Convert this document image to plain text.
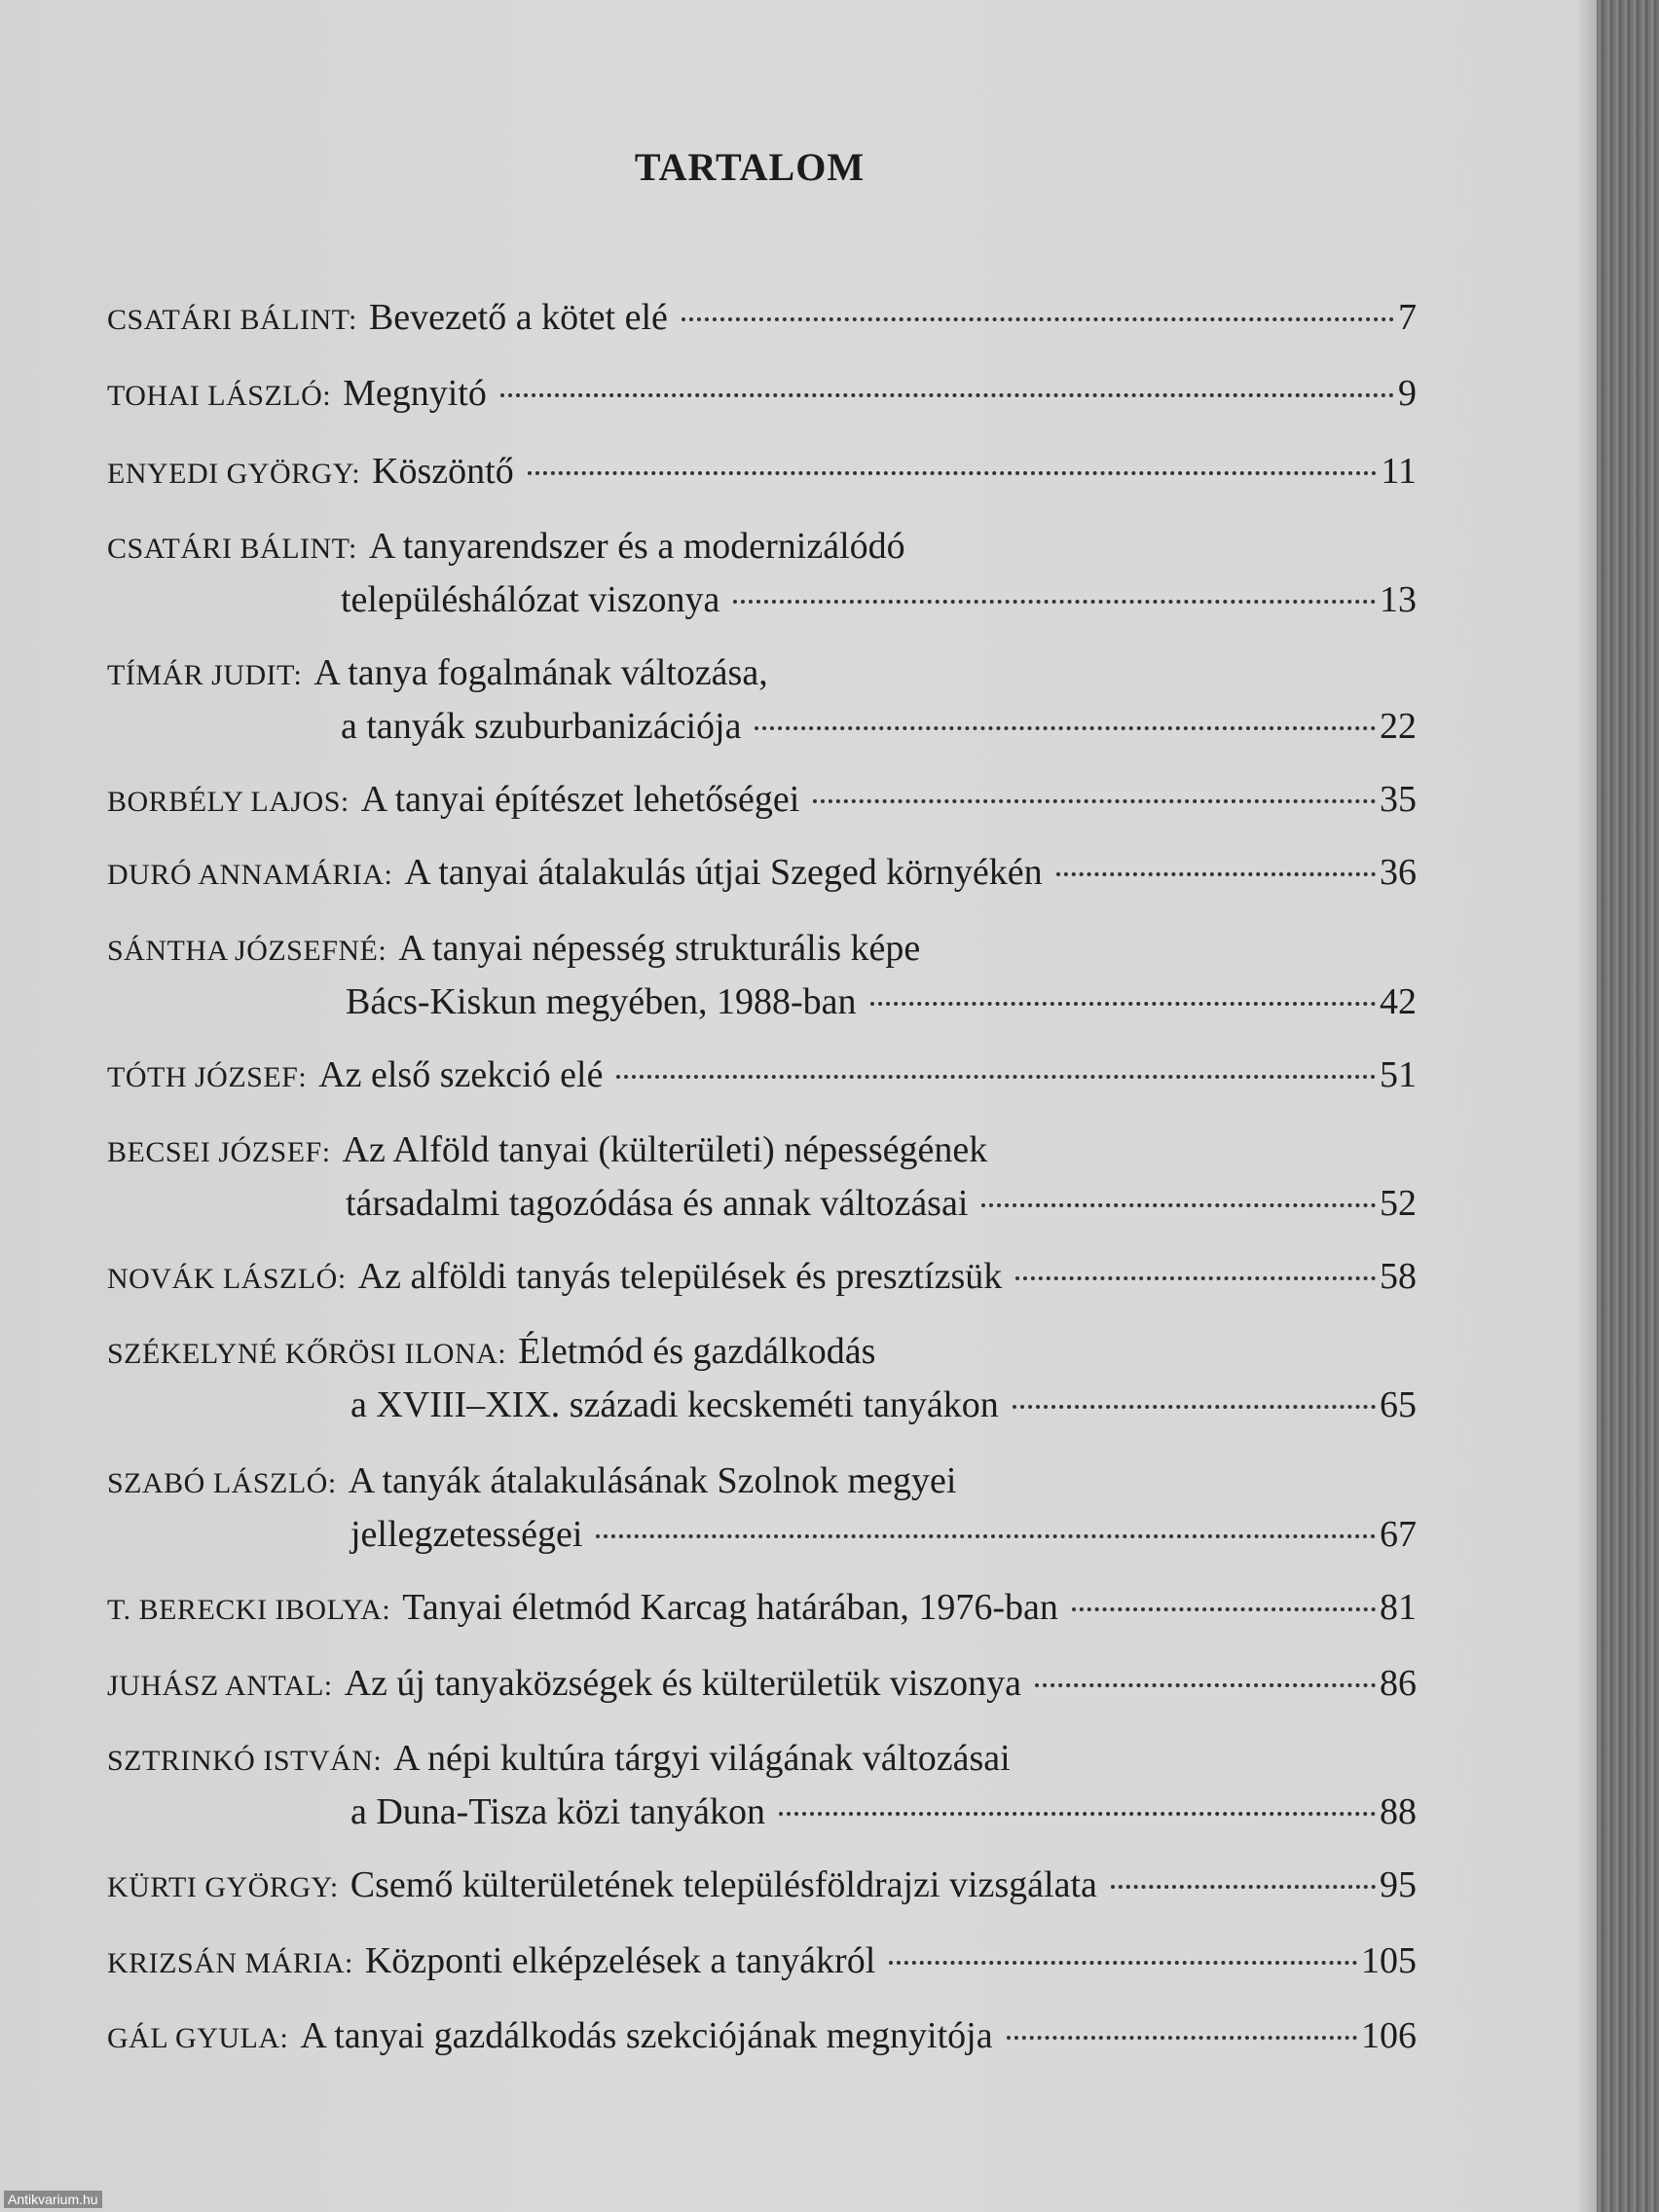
TARTALOM
CSATÁRI BÁLINT: Bevezető a kötet elé	7
TOHAI LÁSZLÓ: Megnyitó	9
ENYEDI GYÖRGY: Köszöntő	11
CSATÁRI BÁLINT: A tanyarendszer és a modernizálódó
településhálózat viszonya	13
TÍMÁR JUDIT: A tanya fogalmának változása,
a tanyák szuburbanizációja	22
BORBÉLY LAJOS: A tanyai építészet lehetőségei	35
DURÓ ANNAMÁRIA: A tanyai átalakulás útjai Szeged környékén	36
SÁNTHA JÓZSEFNÉ: A tanyai népesség strukturális képe
Bács-Kiskun megyében, 1988-ban	42
TÓTH JÓZSEF: Az első szekció elé	51
BECSEI JÓZSEF: Az Alföld tanyai (külterületi) népességének
társadalmi tagozódása és annak változásai	52
NOVÁK LÁSZLÓ: Az alföldi tanyás települések és presztízsük	58
SZÉKELYNÉ KŐRÖSI ILONA: Életmód és gazdálkodás
a XVIII–XIX. századi kecskeméti tanyákon	65
SZABÓ LÁSZLÓ: A tanyák átalakulásának Szolnok megyei
jellegzetességei	67
T. BERECKI IBOLYA: Tanyai életmód Karcag határában, 1976-ban	81
JUHÁSZ ANTAL: Az új tanyaközségek és külterületük viszonya	86
SZTRINKÓ ISTVÁN: A népi kultúra tárgyi világának változásai
a Duna-Tisza közi tanyákon	88
KÜRTI GYÖRGY: Csemő külterületének településföldrajzi vizsgálata	95
KRIZSÁN MÁRIA: Központi elképzelések a tanyákról	105
GÁL GYULA: A tanyai gazdálkodás szekciójának megnyitója	106
Antikvarium.hu
